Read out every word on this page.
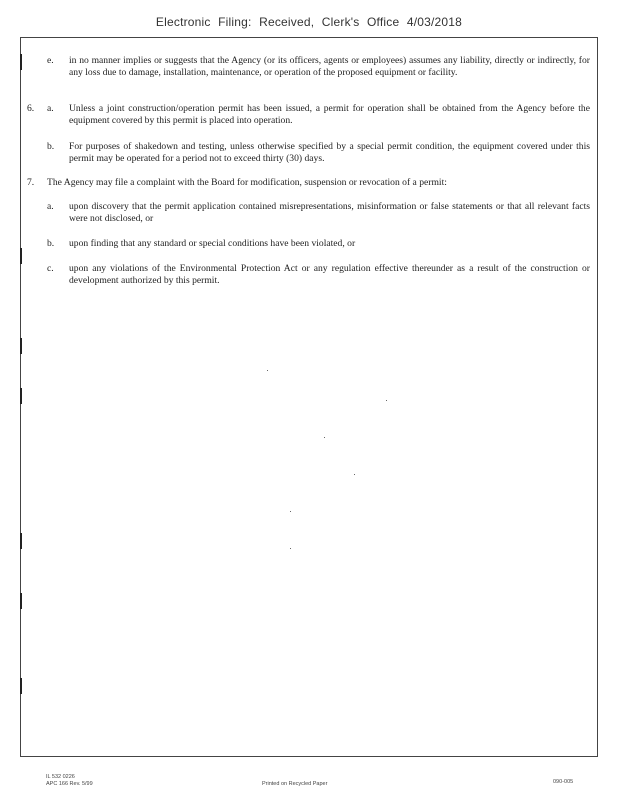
Electronic Filing: Received, Clerk's Office 4/03/2018
e. in no manner implies or suggests that the Agency (or its officers, agents or employees) assumes any liability, directly or indirectly, for any loss due to damage, installation, maintenance, or operation of the proposed equipment or facility.
6. a. Unless a joint construction/operation permit has been issued, a permit for operation shall be obtained from the Agency before the equipment covered by this permit is placed into operation.
b. For purposes of shakedown and testing, unless otherwise specified by a special permit condition, the equipment covered under this permit may be operated for a period not to exceed thirty (30) days.
7. The Agency may file a complaint with the Board for modification, suspension or revocation of a permit:
a. upon discovery that the permit application contained misrepresentations, misinformation or false statements or that all relevant facts were not disclosed, or
b. upon finding that any standard or special conditions have been violated, or
c. upon any violations of the Environmental Protection Act or any regulation effective thereunder as a result of the construction or development authorized by this permit.
IL 532 0226
APC 166 Rev. 5/99	Printed on Recycled Paper	090-005
